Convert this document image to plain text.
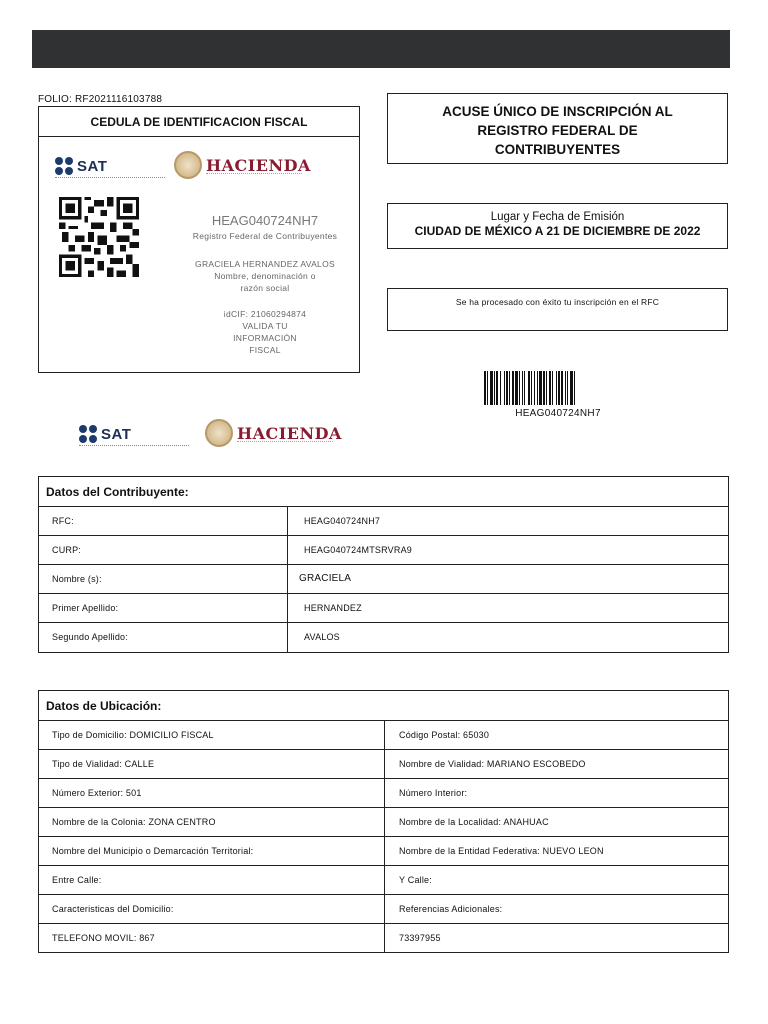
FOLIO: RF2021116103788
CEDULA DE IDENTIFICACION FISCAL
SAT	HACIENDA
HEAG040724NH7
Registro Federal de Contribuyentes
GRACIELA HERNANDEZ AVALOS
Nombre, denominación o razón social
idCIF: 21060294874
VALIDA TU INFORMACIÓN FISCAL
ACUSE ÚNICO DE INSCRIPCIÓN AL
REGISTRO FEDERAL DE
CONTRIBUYENTES
Lugar y Fecha de Emisión
CIUDAD DE MÉXICO A 21 DE DICIEMBRE DE 2022
Se ha procesado con éxito tu inscripción en el RFC
HEAG040724NH7
SAT	HACIENDA
Datos del Contribuyente:
RFC:	HEAG040724NH7
CURP:	HEAG040724MTSRVRA9
Nombre (s):	GRACIELA
Primer Apellido:	HERNANDEZ
Segundo Apellido:	AVALOS
Datos de Ubicación:
Tipo de Domicilio: DOMICILIO FISCAL	Código Postal: 65030
Tipo de Vialidad: CALLE	Nombre de Vialidad: MARIANO ESCOBEDO
Número Exterior: 501	Número Interior:
Nombre de la Colonia: ZONA CENTRO	Nombre de la Localidad: ANAHUAC
Nombre del Municipio o Demarcación Territorial:	Nombre de la Entidad Federativa: NUEVO LEON
Entre Calle:	Y Calle:
Caracteristicas del Domicilio:	Referencias Adicionales:
TELEFONO MOVIL: 867	73397955
